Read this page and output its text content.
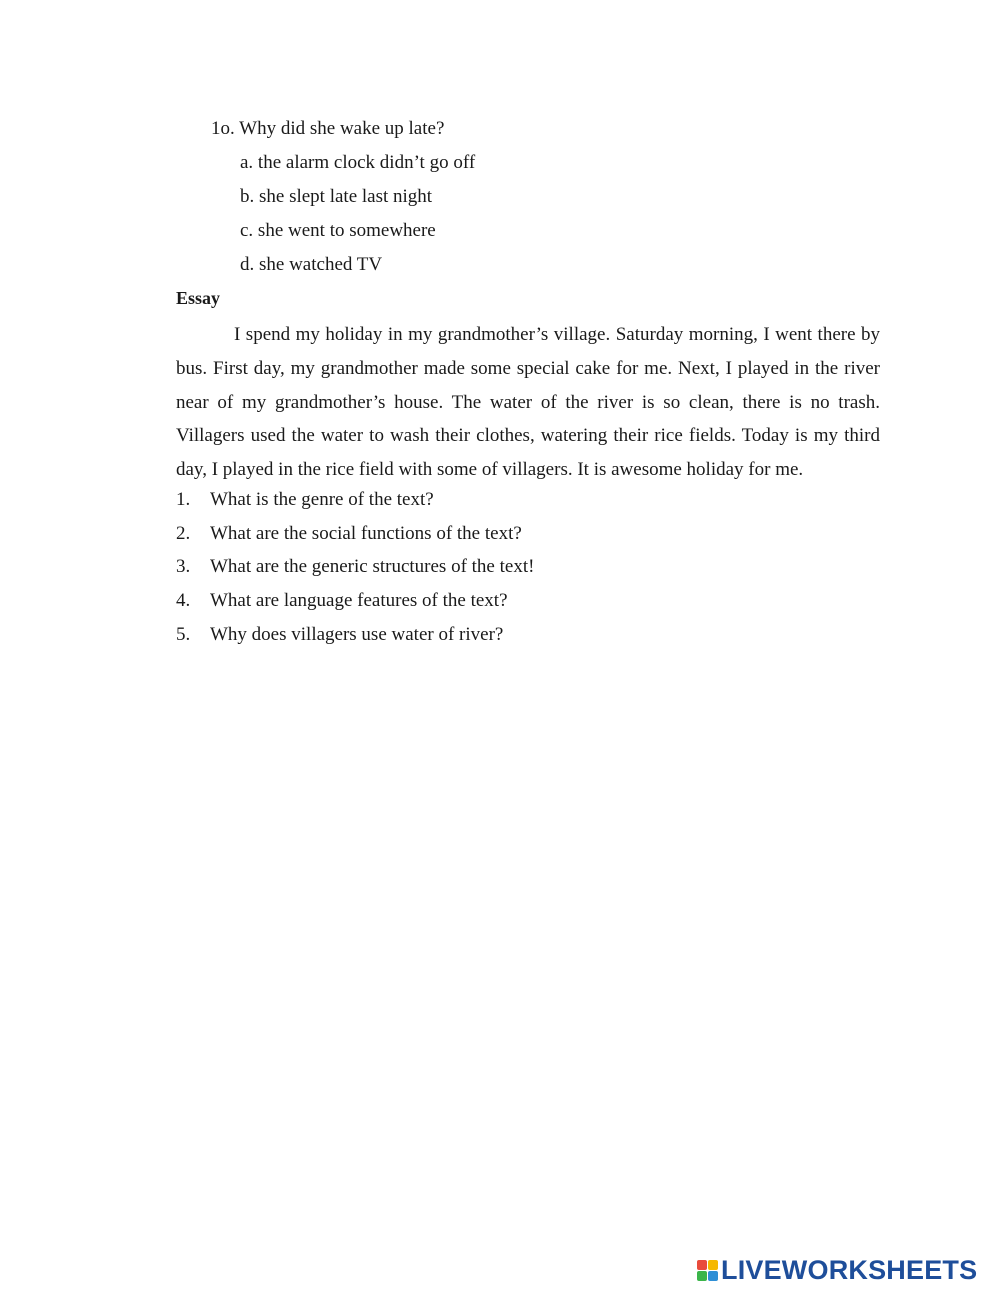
1o. Why did she wake up late?
a. the alarm clock didn’t go off
b. she slept late last night
c. she went to somewhere
d. she watched TV
Essay

I spend my holiday in my grandmother’s village. Saturday morning, I went there by bus. First day, my grandmother made some special cake for me. Next, I played in the river near of my grandmother’s house. The water of the river is so clean, there is no trash. Villagers used the water to wash their clothes, watering their rice fields. Today is my third day, I played in the rice field with some of villagers. It is awesome holiday for me.

1.	What is the genre of the text?
2.	What are the social functions of the text?
3.	What are the generic structures of the text!
4.	What are language features of the text?
5.	Why does villagers use water of river?
LIVEWORKSHEETS
